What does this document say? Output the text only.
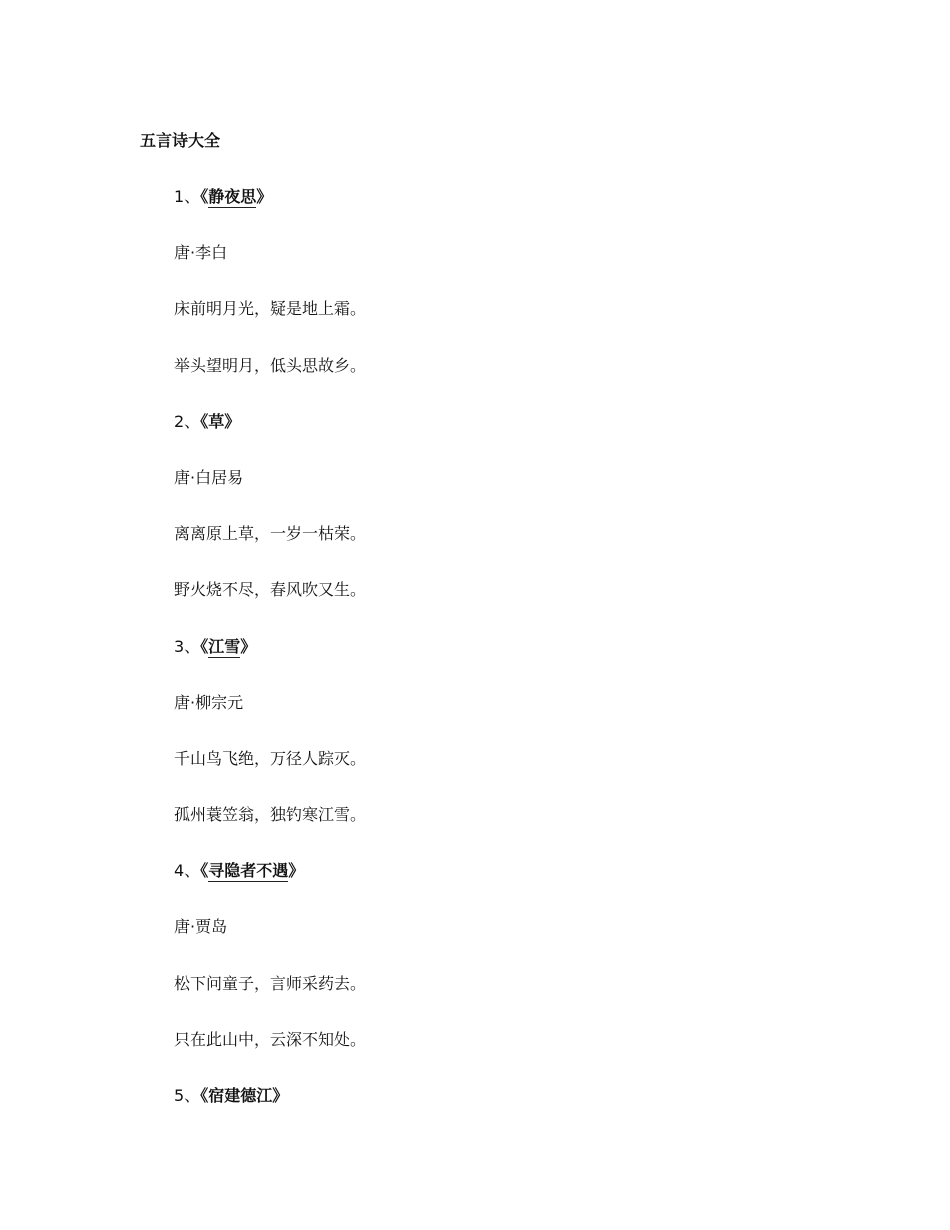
五言诗大全
1、《静夜思》
唐·李白
床前明月光，疑是地上霜。
举头望明月，低头思故乡。
2、《草》
唐·白居易
离离原上草，一岁一枯荣。
野火烧不尽，春风吹又生。
3、《江雪》
唐·柳宗元
千山鸟飞绝，万径人踪灭。
孤州蓑笠翁，独钓寒江雪。
4、《寻隐者不遇》
唐·贾岛
松下问童子，言师采药去。
只在此山中，云深不知处。
5、《宿建德江》
